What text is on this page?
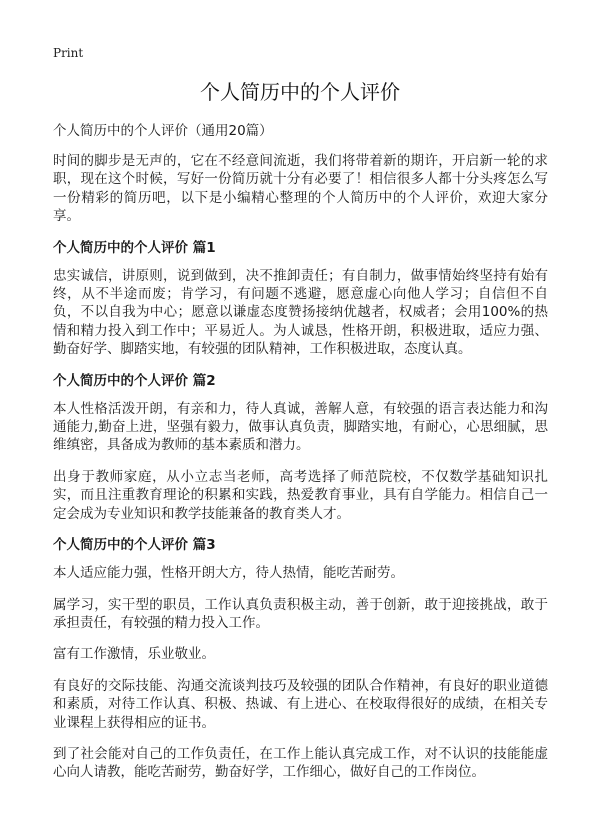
Print
个人简历中的个人评价

个人简历中的个人评价（通用20篇）

时间的脚步是无声的，它在不经意间流逝，我们将带着新的期许，开启新一轮的求职，现在这个时候，写好一份简历就十分有必要了！相信很多人都十分头疼怎么写一份精彩的简历吧，以下是小编精心整理的个人简历中的个人评价，欢迎大家分享。

个人简历中的个人评价 篇1

忠实诚信，讲原则，说到做到，决不推卸责任；有自制力，做事情始终坚持有始有终，从不半途而废；肯学习，有问题不逃避，愿意虚心向他人学习；自信但不自负，不以自我为中心；愿意以谦虚态度赞扬接纳优越者，权威者；会用100%的热情和精力投入到工作中；平易近人。为人诚恳，性格开朗，积极进取，适应力强、勤奋好学、脚踏实地，有较强的团队精神，工作积极进取，态度认真。

个人简历中的个人评价 篇2

本人性格活泼开朗，有亲和力，待人真诚，善解人意，有较强的语言表达能力和沟通能力,勤奋上进，坚强有毅力，做事认真负责，脚踏实地，有耐心，心思细腻，思维缜密，具备成为教师的基本素质和潜力。

出身于教师家庭，从小立志当老师，高考选择了师范院校，不仅数学基础知识扎实，而且注重教育理论的积累和实践，热爱教育事业，具有自学能力。相信自己一定会成为专业知识和教学技能兼备的教育类人才。

个人简历中的个人评价 篇3

本人适应能力强，性格开朗大方，待人热情，能吃苦耐劳。

属学习，实干型的职员，工作认真负责积极主动，善于创新，敢于迎接挑战，敢于承担责任，有较强的精力投入工作。

富有工作激情，乐业敬业。

有良好的交际技能、沟通交流谈判技巧及较强的团队合作精神，有良好的职业道德和素质，对待工作认真、积极、热诚、有上进心、在校取得很好的成绩，在相关专业课程上获得相应的证书。

到了社会能对自己的工作负责任，在工作上能认真完成工作，对不认识的技能能虚心向人请教，能吃苦耐劳，勤奋好学，工作细心，做好自己的工作岗位。
